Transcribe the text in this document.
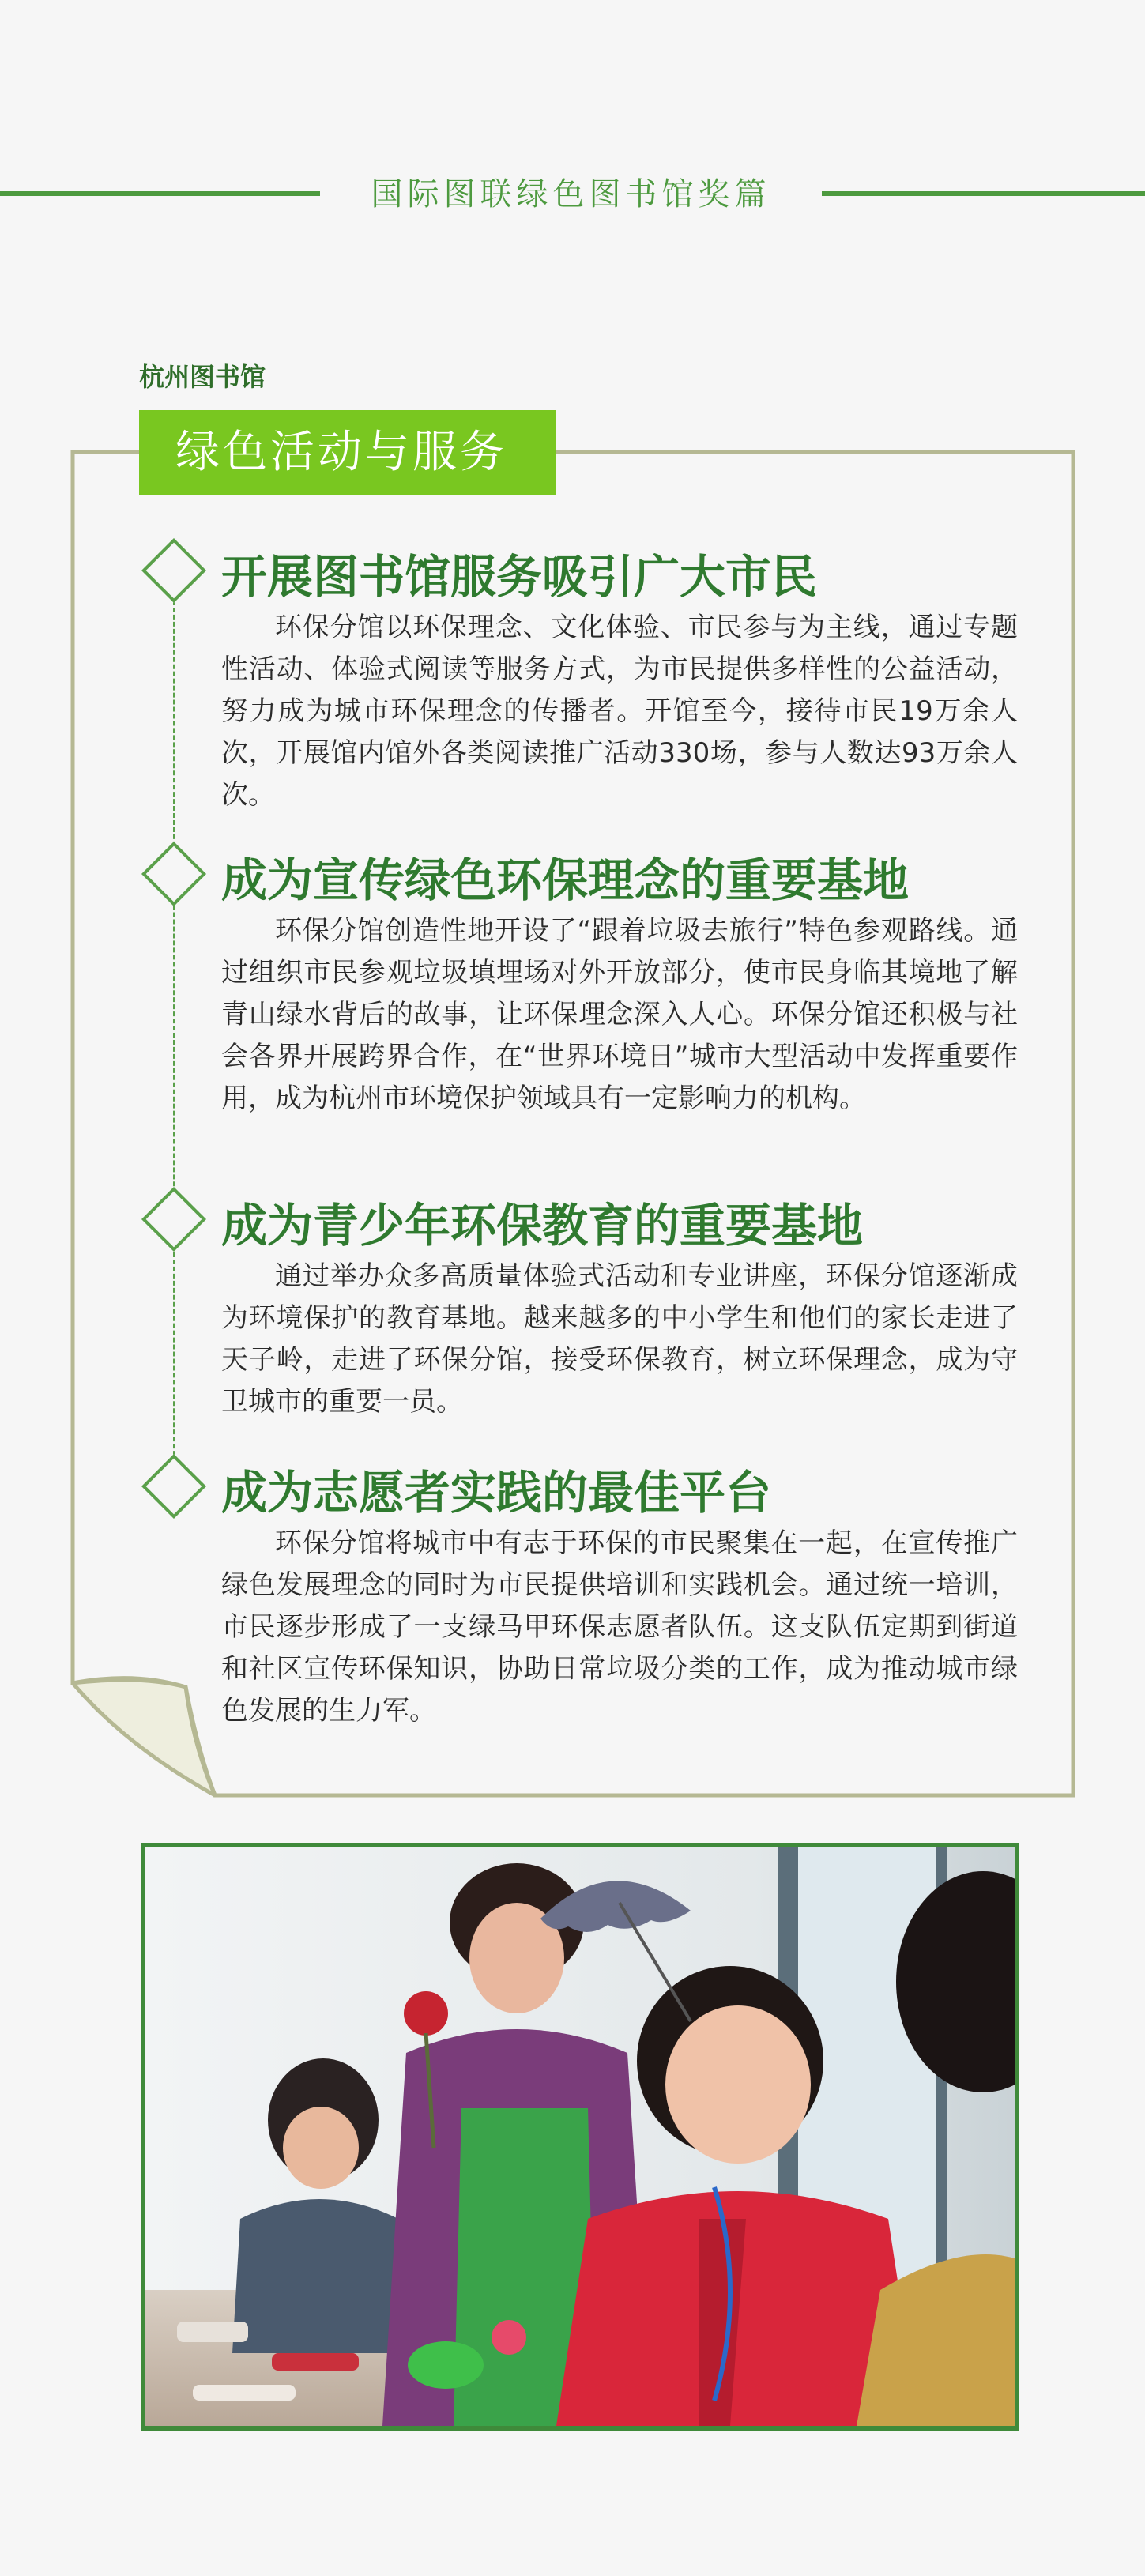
国际图联绿色图书馆奖篇
杭州图书馆
绿色活动与服务
开展图书馆服务吸引广大市民

环保分馆以环保理念、文化体验、市民参与为主线，通过专题性活动、体验式阅读等服务方式，为市民提供多样性的公益活动，努力成为城市环保理念的传播者。开馆至今，接待市民19万余人次，开展馆内馆外各类阅读推广活动330场，参与人数达93万余人次。

成为宣传绿色环保理念的重要基地

环保分馆创造性地开设了“跟着垃圾去旅行”特色参观路线。通过组织市民参观垃圾填埋场对外开放部分，使市民身临其境地了解青山绿水背后的故事，让环保理念深入人心。环保分馆还积极与社会各界开展跨界合作，在“世界环境日”城市大型活动中发挥重要作用，成为杭州市环境保护领域具有一定影响力的机构。

成为青少年环保教育的重要基地

通过举办众多高质量体验式活动和专业讲座，环保分馆逐渐成为环境保护的教育基地。越来越多的中小学生和他们的家长走进了天子岭，走进了环保分馆，接受环保教育，树立环保理念，成为守卫城市的重要一员。

成为志愿者实践的最佳平台

环保分馆将城市中有志于环保的市民聚集在一起，在宣传推广绿色发展理念的同时为市民提供培训和实践机会。通过统一培训，市民逐步形成了一支绿马甲环保志愿者队伍。这支队伍定期到街道和社区宣传环保知识，协助日常垃圾分类的工作，成为推动城市绿色发展的生力军。
